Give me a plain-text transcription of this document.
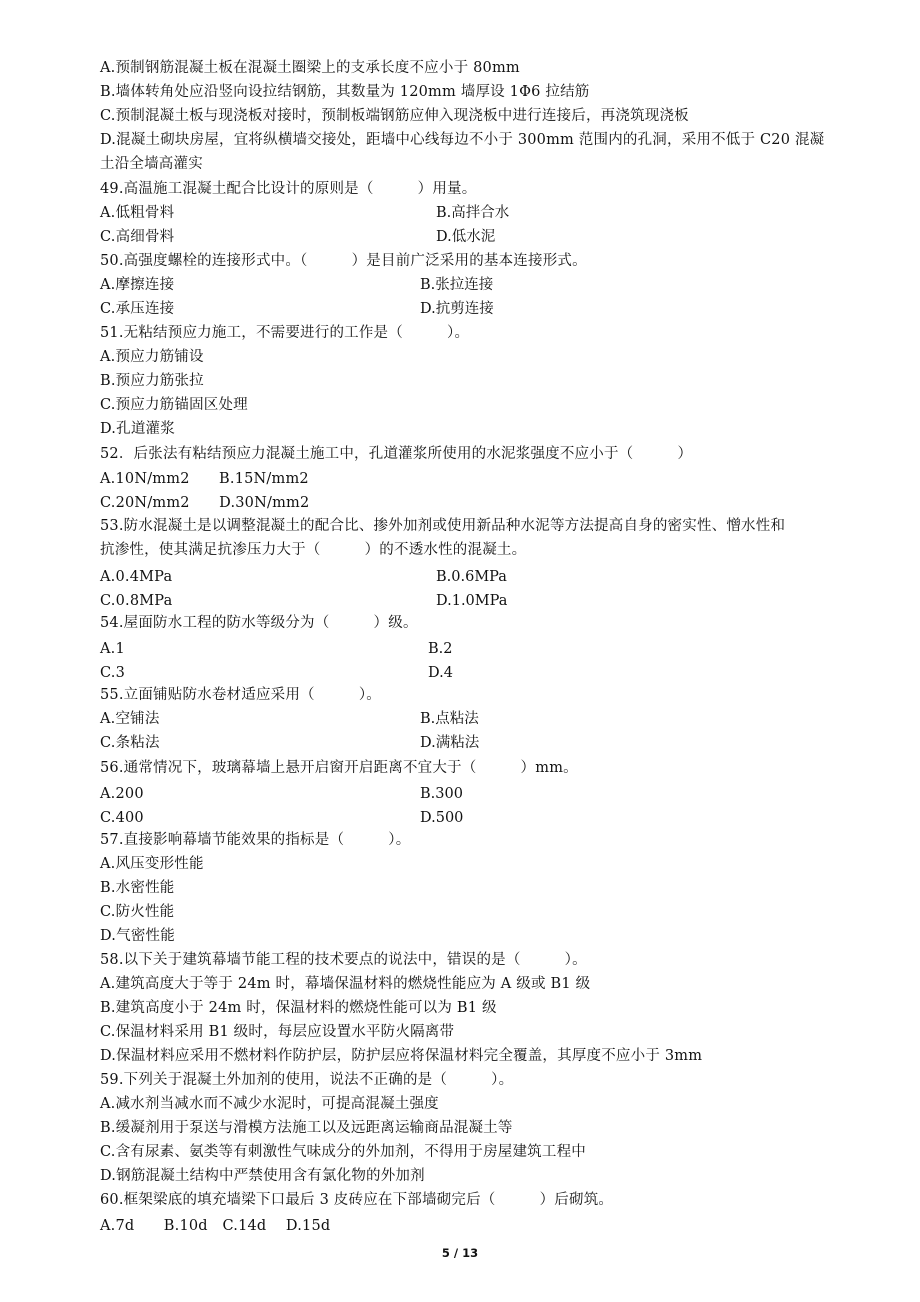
A.预制钢筋混凝土板在混凝土圈梁上的支承长度不应小于 80mm
B.墙体转角处应沿竖向设拉结钢筋，其数量为 120mm 墙厚设 1Φ6 拉结筋
C.预制混凝土板与现浇板对接时，预制板端钢筋应伸入现浇板中进行连接后，再浇筑现浇板
D.混凝土砌块房屋，宜将纵横墙交接处，距墙中心线每边不小于 300mm 范围内的孔洞，采用不低于 C20 混凝
土沿全墙高灌实
49.高温施工混凝土配合比设计的原则是（　　　）用量。
A.低粗骨料	B.高拌合水
C.高细骨料	D.低水泥
50.高强度螺栓的连接形式中。（　　　）是目前广泛采用的基本连接形式。
A.摩擦连接	B.张拉连接
C.承压连接	D.抗剪连接
51.无粘结预应力施工，不需要进行的工作是（　　　）。
A.预应力筋铺设
B.预应力筋张拉
C.预应力筋锚固区处理
D.孔道灌浆
52．后张法有粘结预应力混凝土施工中，孔道灌浆所使用的水泥浆强度不应小于（　　　）
A.10N/mm2　　B.15N/mm2
C.20N/mm2　　D.30N/mm2
53.防水混凝土是以调整混凝土的配合比、掺外加剂或使用新品种水泥等方法提高自身的密实性、憎水性和
抗渗性，使其满足抗渗压力大于（　　　）的不透水性的混凝土。
A.0.4MPa	B.0.6MPa
C.0.8MPa	D.1.0MPa
54.屋面防水工程的防水等级分为（　　　）级。
A.1	B.2
C.3	D.4
55.立面铺贴防水卷材适应采用（　　　）。
A.空铺法	B.点粘法
C.条粘法	D.满粘法
56.通常情况下，玻璃幕墙上悬开启窗开启距离不宜大于（　　　）mm。
A.200	B.300
C.400	D.500
57.直接影响幕墙节能效果的指标是（　　　）。
A.风压变形性能
B.水密性能
C.防火性能
D.气密性能
58.以下关于建筑幕墙节能工程的技术要点的说法中，错误的是（　　　）。
A.建筑高度大于等于 24m 时，幕墙保温材料的燃烧性能应为 A 级或 B1 级
B.建筑高度小于 24m 时，保温材料的燃烧性能可以为 B1 级
C.保温材料采用 B1 级时，每层应设置水平防火隔离带
D.保温材料应采用不燃材料作防护层，防护层应将保温材料完全覆盖，其厚度不应小于 3mm
59.下列关于混凝土外加剂的使用，说法不正确的是（　　　）。
A.减水剂当减水而不减少水泥时，可提高混凝土强度
B.缓凝剂用于泵送与滑模方法施工以及远距离运输商品混凝土等
C.含有尿素、氨类等有刺激性气味成分的外加剂，不得用于房屋建筑工程中
D.钢筋混凝土结构中严禁使用含有氯化物的外加剂
60.框架梁底的填充墙梁下口最后 3 皮砖应在下部墙砌完后（　　　）后砌筑。
A.7d　　B.10d　C.14d　 D.15d
5 / 13
